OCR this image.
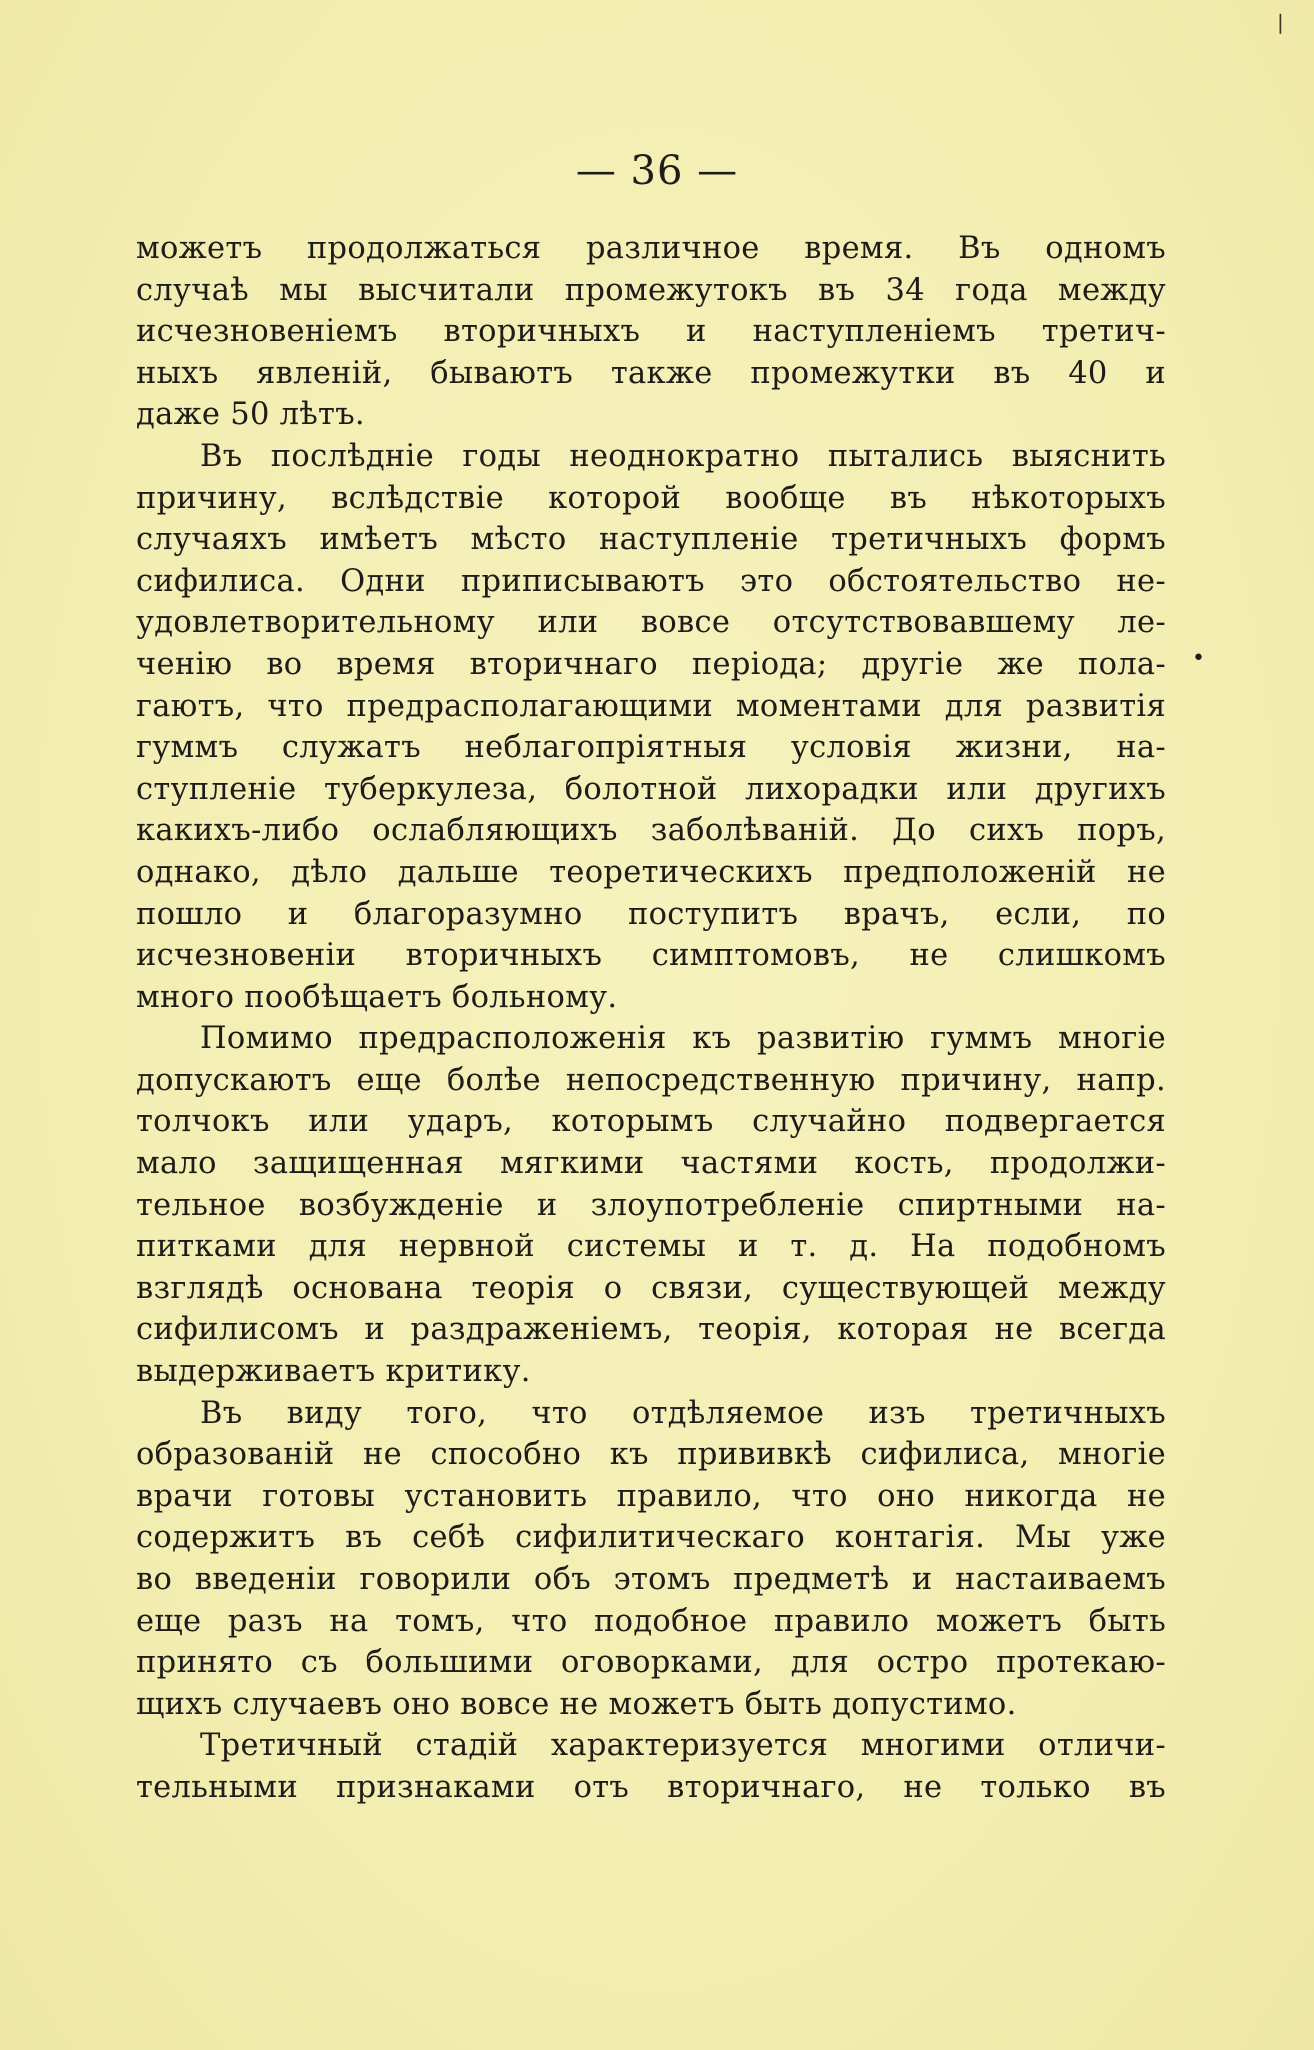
❘
— 36 —
можетъ продолжаться различное время. Въ одномъ
случаѣ мы высчитали промежутокъ въ 34 года между
исчезновеніемъ вторичныхъ и наступленіемъ третич-
ныхъ явленій, бываютъ также промежутки въ 40 и
даже 50 лѣтъ.
Въ послѣдніе годы неоднократно пытались выяснить
причину, вслѣдствіе которой вообще въ нѣкоторыхъ
случаяхъ имѣетъ мѣсто наступленіе третичныхъ формъ
сифилиса. Одни приписываютъ это обстоятельство не-
удовлетворительному или вовсе отсутствовавшему ле-
ченію во время вторичнаго періода; другіе же пола-
гаютъ, что предрасполагающими моментами для развитія
гуммъ служатъ неблагопріятныя условія жизни, на-
ступленіе туберкулеза, болотной лихорадки или другихъ
какихъ-либо ослабляющихъ заболѣваній. До сихъ поръ,
однако, дѣло дальше теоретическихъ предположеній не
пошло и благоразумно поступитъ врачъ, если, по
исчезновеніи вторичныхъ симптомовъ, не слишкомъ
много пообѣщаетъ больному.
Помимо предрасположенія къ развитію гуммъ многіе
допускаютъ еще болѣе непосредственную причину, напр.
толчокъ или ударъ, которымъ случайно подвергается
мало защищенная мягкими частями кость, продолжи-
тельное возбужденіе и злоупотребленіе спиртными на-
питками для нервной системы и т. д. На подобномъ
взглядѣ основана теорія о связи, существующей между
сифилисомъ и раздраженіемъ, теорія, которая не всегда
выдерживаетъ критику.
Въ виду того, что отдѣляемое изъ третичныхъ
образованій не способно къ прививкѣ сифилиса, многіе
врачи готовы установить правило, что оно никогда не
содержитъ въ себѣ сифилитическаго контагія. Мы уже
во введеніи говорили объ этомъ предметѣ и настаиваемъ
еще разъ на томъ, что подобное правило можетъ быть
принято съ большими оговорками, для остро протекаю-
щихъ случаевъ оно вовсе не можетъ быть допустимо.
Третичный стадій характеризуется многими отличи-
тельными признаками отъ вторичнаго, не только въ
•
